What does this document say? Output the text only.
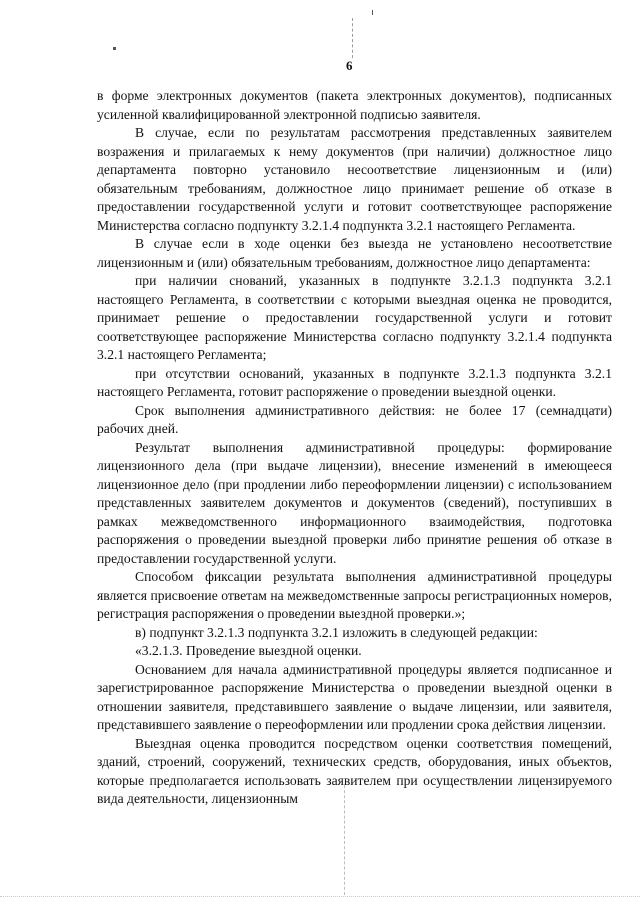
6

в форме электронных документов (пакета электронных документов), подписанных усиленной квалифицированной электронной подписью заявителя.

В случае, если по результатам рассмотрения представленных заявителем возражения и прилагаемых к нему документов (при наличии) должностное лицо департамента повторно установило несоответствие лицензионным и (или) обязательным требованиям, должностное лицо принимает решение об отказе в предоставлении государственной услуги и готовит соответствующее распоряжение Министерства согласно подпункту 3.2.1.4 подпункта 3.2.1 настоящего Регламента.

В случае если в ходе оценки без выезда не установлено несоответствие лицензионным и (или) обязательным требованиям, должностное лицо департамента:

при наличии снований, указанных в подпункте 3.2.1.3 подпункта 3.2.1 настоящего Регламента, в соответствии с которыми выездная оценка не проводится, принимает решение о предоставлении государственной услуги и готовит соответствующее распоряжение Министерства согласно подпункту 3.2.1.4 подпункта 3.2.1 настоящего Регламента;

при отсутствии оснований, указанных в подпункте 3.2.1.3 подпункта 3.2.1 настоящего Регламента, готовит распоряжение о проведении выездной оценки.

Срок выполнения административного действия: не более 17 (семнадцати) рабочих дней.

Результат выполнения административной процедуры: формирование лицензионного дела (при выдаче лицензии), внесение изменений в имеющееся лицензионное дело (при продлении либо переоформлении лицензии) с использованием представленных заявителем документов и документов (сведений), поступивших в рамках межведомственного информационного взаимодействия, подготовка распоряжения о проведении выездной проверки либо принятие решения об отказе в предоставлении государственной услуги.

Способом фиксации результата выполнения административной процедуры является присвоение ответам на межведомственные запросы регистрационных номеров, регистрация распоряжения о проведении выездной проверки.»;

в) подпункт 3.2.1.3 подпункта 3.2.1 изложить в следующей редакции:

«3.2.1.3. Проведение выездной оценки.

Основанием для начала административной процедуры является подписанное и зарегистрированное распоряжение Министерства о проведении выездной оценки в отношении заявителя, представившего заявление о выдаче лицензии, или заявителя, представившего заявление о переоформлении или продлении срока действия лицензии.

Выездная оценка проводится посредством оценки соответствия помещений, зданий, строений, сооружений, технических средств, оборудования, иных объектов, которые предполагается использовать заявителем при осуществлении лицензируемого вида деятельности, лицензионным
